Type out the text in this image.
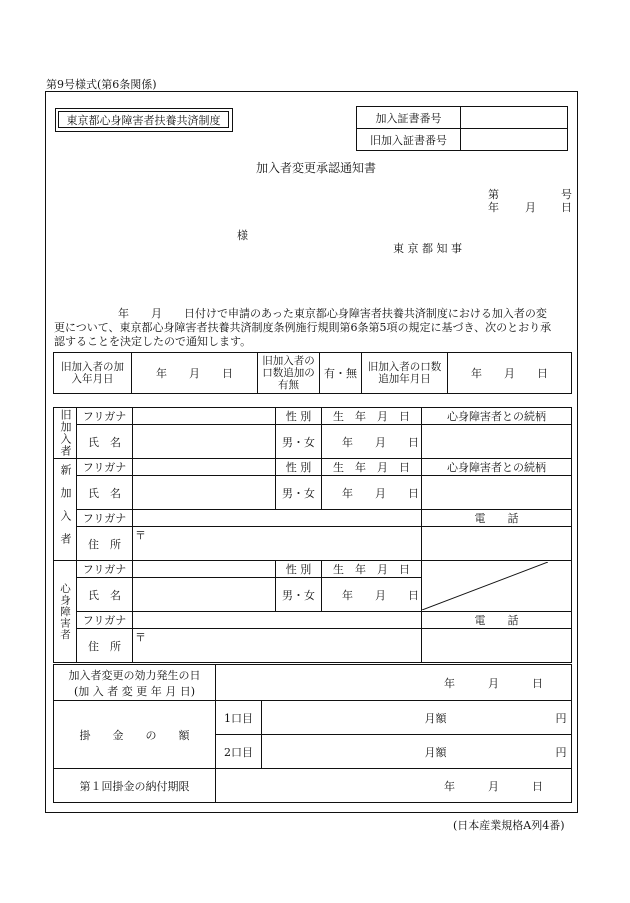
第9号様式(第6条関係)
東京都心身障害者扶養共済制度	加入証書番号	
旧加入証書番号	
加入者変更承認通知書
第	号
年 月 日
様
東 京 都 知 事
年　　月　　日付けで申請のあった東京都心身障害者扶養共済制度における加入者の変
更について、東京都心身障害者扶養共済制度条例施行規則第6条第5項の規定に基づき、次のとおり承
認することを決定したので通知します。
旧加入者の加入年月日	年　　月　　日	旧加入者の口数追加の有無	有・無	旧加入者の口数追加年月日	年　　月　　日
旧加入者	フリガナ		性 別	生　年　月　日	心身障害者との続柄
	氏　名		男・女	年　　月　　日	
新加入者	フリガナ		性 別	生　年　月　日	心身障害者との続柄
	氏　名		男・女	年　　月　　日	
	フリガナ				電　　話
	住　所	〒			
心身障害者	フリガナ		性 別	生　年　月　日	

	氏　名		男・女	年　　月　　日	
	フリガナ				電　　話
	住　所	〒			
加入者変更の効力発生の日
(加 入 者 変 更 年 月 日)	年　　　月　　　日	
掛　　金　　の　　額	1口目	月額 円
	2口目	月額 円
第１回掛金の納付期限	年　　　月　　　日	
(日本産業規格A列4番)
